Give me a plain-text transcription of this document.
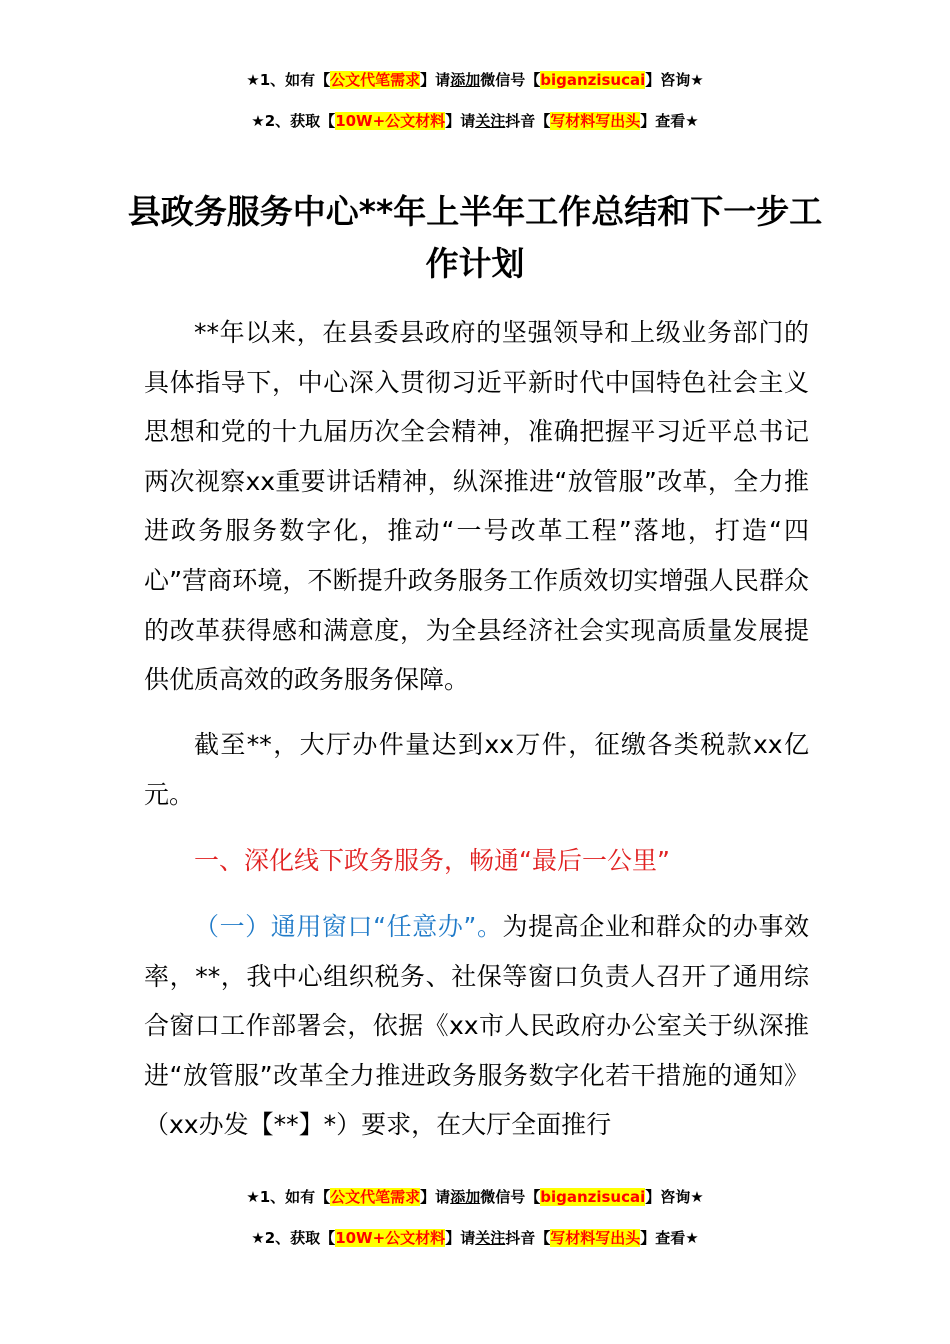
★1、如有【公文代笔需求】请添加微信号【biganzisucai】咨询★
★2、获取【10W+公文材料】请关注抖音【写材料写出头】查看★
县政务服务中心**年上半年工作总结和下一步工作计划

**年以来，在县委县政府的坚强领导和上级业务部门的具体指导下，中心深入贯彻习近平新时代中国特色社会主义思想和党的十九届历次全会精神，准确把握平习近平总书记两次视察xx重要讲话精神，纵深推进“放管服”改革，全力推进政务服务数字化，推动“一号改革工程”落地，打造“四心”营商环境，不断提升政务服务工作质效切实增强人民群众的改革获得感和满意度，为全县经济社会实现高质量发展提供优质高效的政务服务保障。

截至**，大厅办件量达到xx万件，征缴各类税款xx亿元。

一、深化线下政务服务，畅通“最后一公里”

（一）通用窗口“任意办”。为提高企业和群众的办事效率，**，我中心组织税务、社保等窗口负责人召开了通用综合窗口工作部署会，依据《xx市人民政府办公室关于纵深推进“放管服”改革全力推进政务服务数字化若干措施的通知》（xx办发【**】*）要求，在大厅全面推行

★1、如有【公文代笔需求】请添加微信号【biganzisucai】咨询★
★2、获取【10W+公文材料】请关注抖音【写材料写出头】查看★
